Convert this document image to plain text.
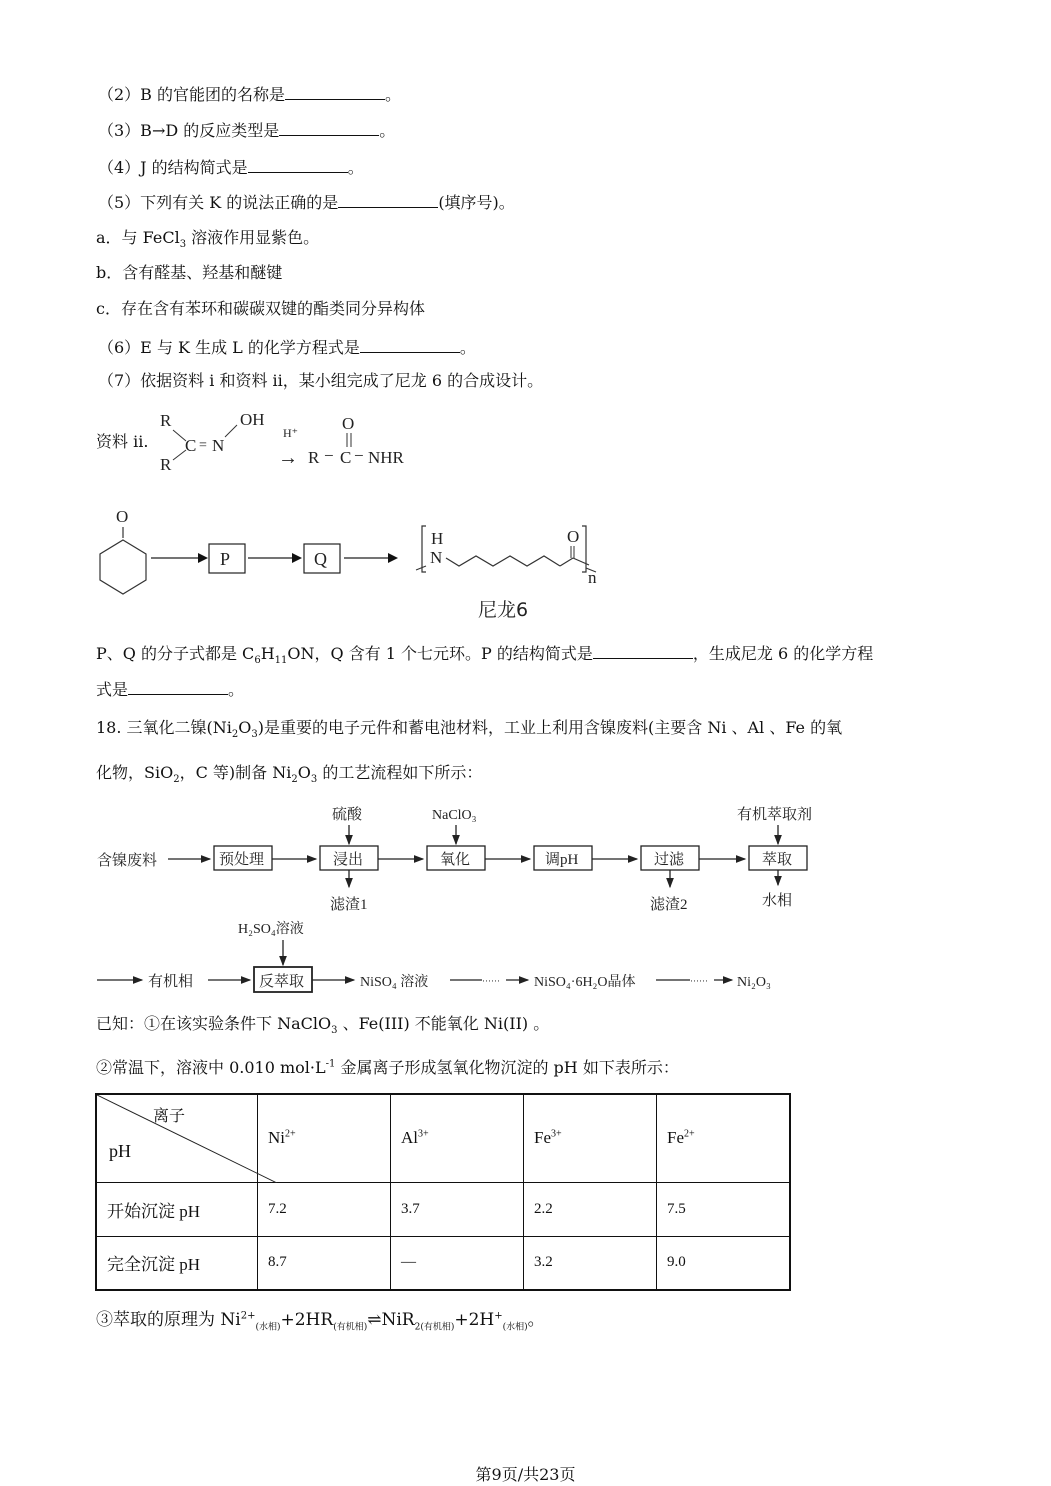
（2）B 的官能团的名称是	。
（3）B→D 的反应类型是	。
（4）J 的结构简式是	。
（5）下列有关 K 的说法正确的是	(填序号)。
a．与 FeCl$_3$ 溶液作用显紫色。
b．含有醛基、羟基和醚键
c．存在含有苯环和碳碳双键的酯类同分异构体
（6）E 与 K 生成 L 的化学方程式是	。
（7）依据资料 i 和资料 ii，某小组完成了尼龙 6 的合成设计。
资料 ii.
R
R
C = N
OH
H⁺
→ R − C
O
− NHR
O
P	Q
H
N
O
n
尼龙6
P、Q 的分子式都是 $C_6H_{11}ON$，Q 含有 1 个七元环。P 的结构简式是	，生成尼龙 6 的化学方程
式是	。
18. 三氧化二镍$(Ni_2O_3)$是重要的电子元件和蓄电池材料，工业上利用含镍废料(主要含 Ni 、Al 、Fe 的氧
化物，SiO$_2$，C 等)制备 $Ni_2O_3$ 的工艺流程如下所示：
含镍废料	预处理	浸出
硫酸
滤渣1
氧化
NaClO₃
调pH	过滤
滤渣2
萃取
有机萃取剂
水相
有机相	反萃取
H₂SO₄溶液
NiSO₄ 溶液	······ NiSO₄·6H₂O晶体	······ Ni₂O₃
已知：①在该实验条件下 NaClO$_3$ 、Fe(III) 不能氧化 Ni(II) 。
②常温下，溶液中 0.010 $mol\cdot L^{-1}$ 金属离子形成氢氧化物沉淀的 pH 如下表所示：
离子
pH	$Ni^{2+}$	$Al^{3+}$	$Fe^{3+}$	$Fe^{2+}$
开始沉淀 pH	7.2	3.7	2.2	7.5
完全沉淀 pH	8.7	—	3.2	9.0
③萃取的原理为 $Ni^{2+}_{(水相)}+2HR_{(有机相)}\rightleftharpoons NiR_{2(有机相)}+2H^+_{(水相)}$。
第9页/共23页
